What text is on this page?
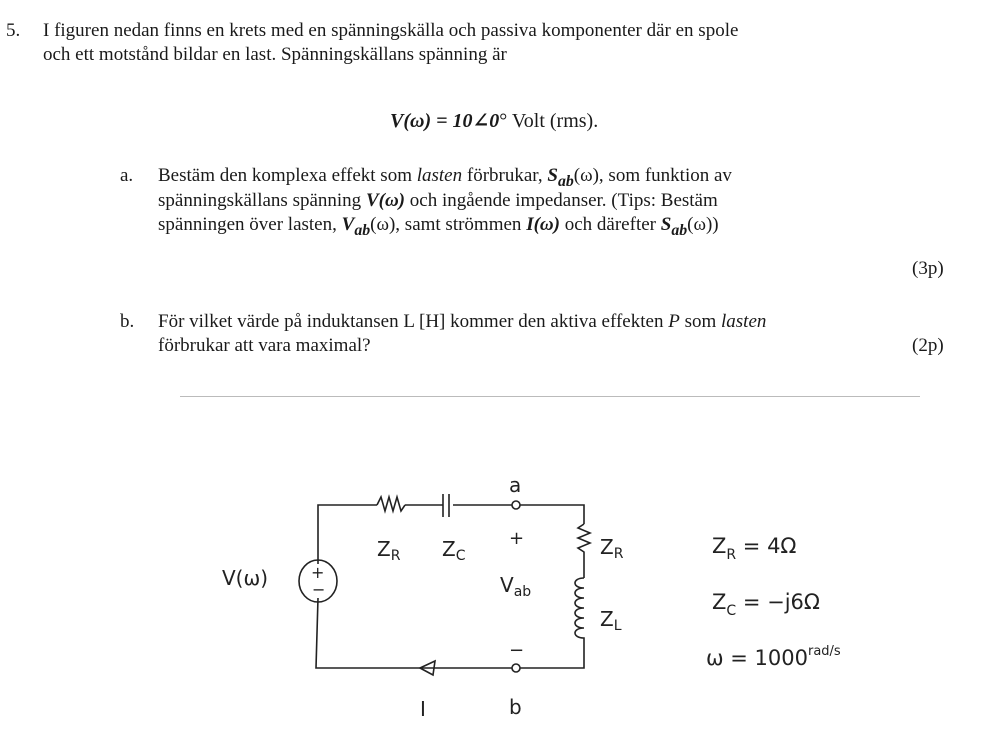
5. I figuren nedan finns en krets med en spänningskälla och passiva komponenter där en spole
och ett motstånd bildar en last. Spänningskällans spänning är
V(ω) = 10∠0° Volt (rms).
a. Bestäm den komplexa effekt som lasten förbrukar, $S_{ab}(\omega)$, som funktion av
spänningskällans spänning V(ω) och ingående impedanser. (Tips: Bestäm
spänningen över lasten, $V_{ab}(\omega)$, samt strömmen I(ω) och därefter $S_{ab}(\omega)$)
(3p)
b. För vilket värde på induktansen L [H] kommer den aktiva effekten P som lasten
förbrukar att vara maximal?	(2p)
+
−
V(ω)
$Z_R$ $Z_C$
a
+
$V_{ab}$
−
b
I
$Z_R$
$Z_L$
$Z_R = 4\Omega$
$Z_C = -j6\Omega$
$\omega = 1000^{rad/s}$
